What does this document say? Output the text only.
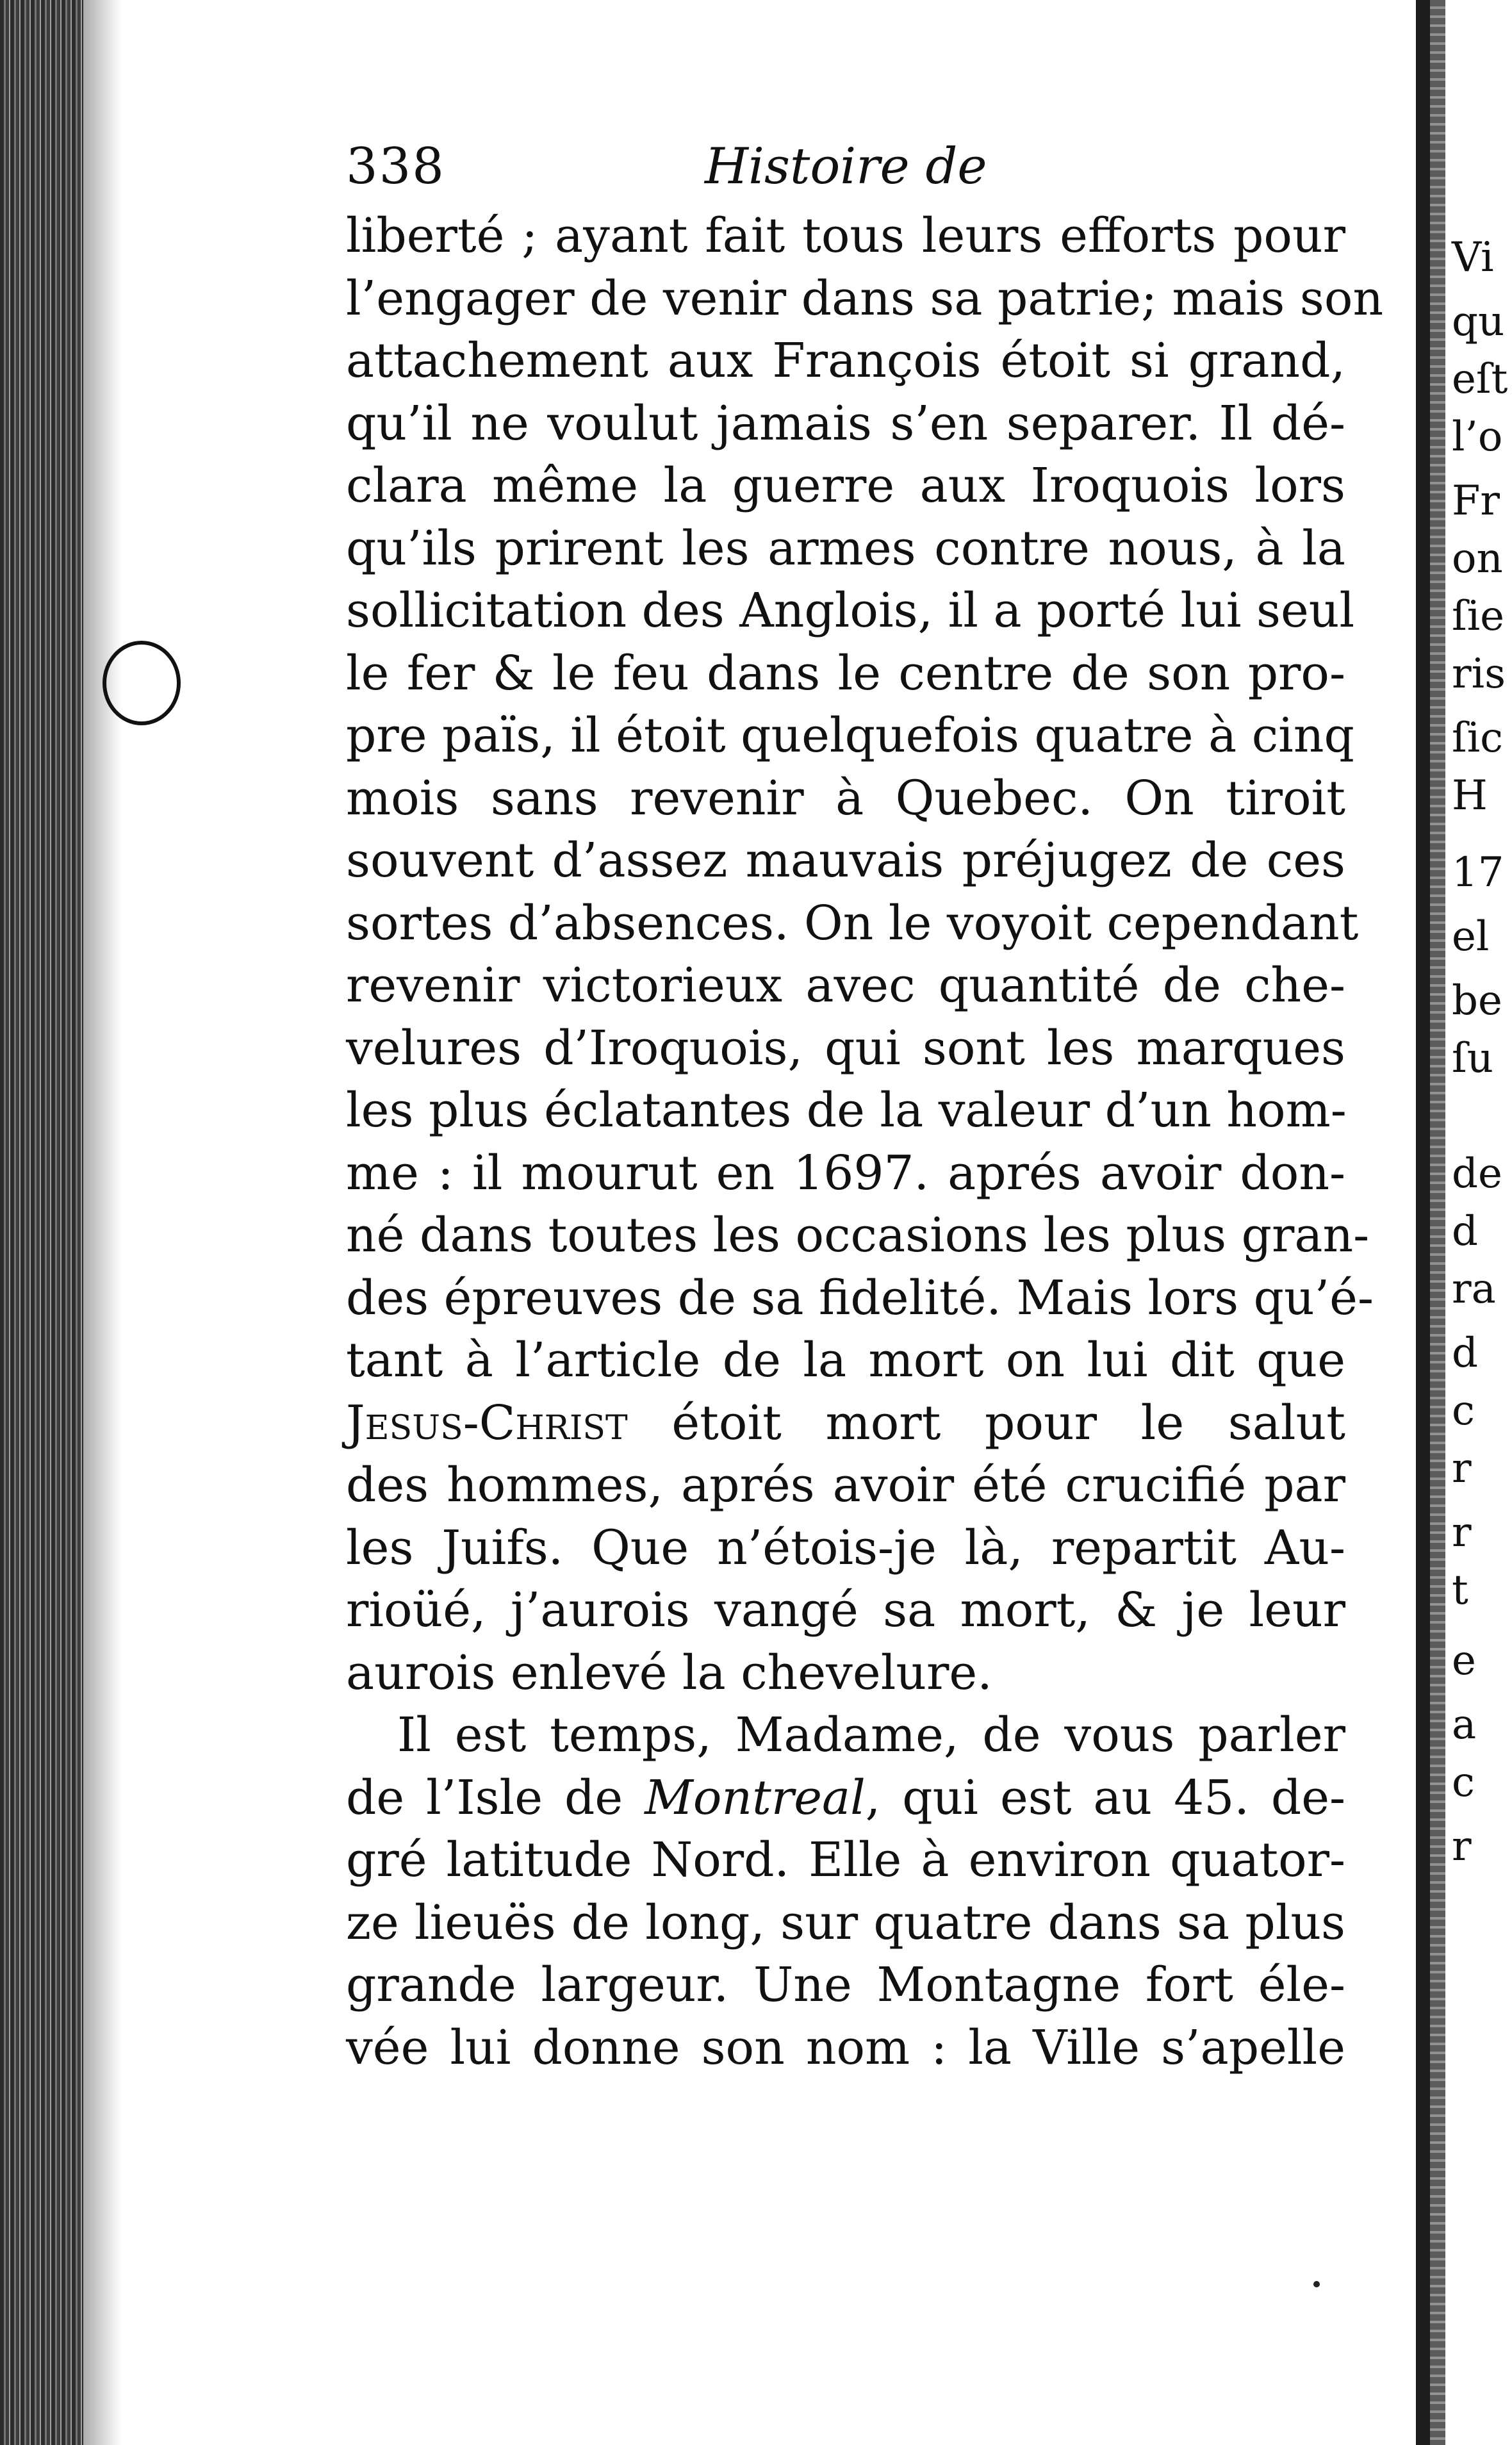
Vi
qu
eſt
l’o
Fr
on
ſie
ris
ſic
H
17
el
be
ſu
de
d
ra
d
c
r
r
t
e
a
c
r
338	Histoire de
liberté ; ayant fait tous leurs efforts pour
l’engager de venir dans sa patrie; mais son
attachement aux François étoit si grand,
qu’il ne voulut jamais s’en separer. Il dé-
clara même la guerre aux Iroquois lors
qu’ils prirent les armes contre nous, à la
sollicitation des Anglois, il a porté lui seul
le fer & le feu dans le centre de son pro-
pre païs, il étoit quelquefois quatre à cinq
mois sans revenir à Quebec. On tiroit
souvent d’assez mauvais préjugez de ces
sortes d’absences. On le voyoit cependant
revenir victorieux avec quantité de che-
velures d’Iroquois, qui sont les marques
les plus éclatantes de la valeur d’un hom-
me : il mourut en 1697. aprés avoir don-
né dans toutes les occasions les plus gran-
des épreuves de sa fidelité. Mais lors qu’é-
tant à l’article de la mort on lui dit que
Jesus-Christ étoit mort pour le salut
des hommes, aprés avoir été crucifié par
les Juifs. Que n’étois-je là, repartit Au-
rioüé, j’aurois vangé sa mort, & je leur
aurois enlevé la chevelure.
Il est temps, Madame, de vous parler
de l’Isle de Montreal, qui est au 45. de-
gré latitude Nord. Elle à environ quator-
ze lieuës de long, sur quatre dans sa plus
grande largeur. Une Montagne fort éle-
vée lui donne son nom : la Ville s’apelle
